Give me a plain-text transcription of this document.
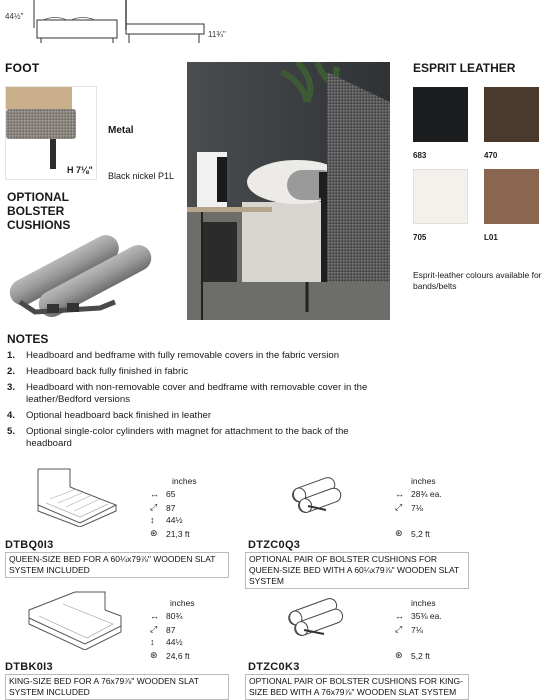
44½"
11¾"
FOOT
Metal
H 7⅛"
Black nickel P1L
OPTIONAL BOLSTER
CUSHIONS
ESPRIT LEATHER
683	470
705	L01
Esprit-leather colours available for bands/belts
NOTES
1. Headboard and bedframe with fully removable covers in the fabric version
2. Headboard back fully finished in fabric
3. Headboard with non-removable cover and bedframe with removable cover in the leather/Bedford versions
4. Optional headboard back finished in leather
5. Optional single-color cylinders with magnet for attachment to the back of the headboard
inches
↔ 65
⤢	87
↕	44½
⊛ 21,3 ft
DTBQ0I3
QUEEN-SIZE BED FOR A 60¼x79⅞" WOODEN SLAT SYSTEM INCLUDED
inches
↔ 28¾ ea.
⤢	7⅛
⊛ 5,2 ft
DTZC0Q3
OPTIONAL PAIR OF BOLSTER CUSHIONS FOR QUEEN-SIZE BED WITH A 60¼x79⅞" WOODEN SLAT SYSTEM
inches
↔ 80¾
⤢	87
↕	44½
⊛ 24,6 ft
DTBK0I3
KING-SIZE BED FOR A 76x79⅞" WOODEN SLAT SYSTEM INCLUDED
inches
↔ 35⅜ ea.
⤢	7⅛
⊛ 5,2 ft
DTZC0K3
OPTIONAL PAIR OF BOLSTER CUSHIONS FOR KING-SIZE BED WITH A 76x79⅞" WOODEN SLAT SYSTEM
